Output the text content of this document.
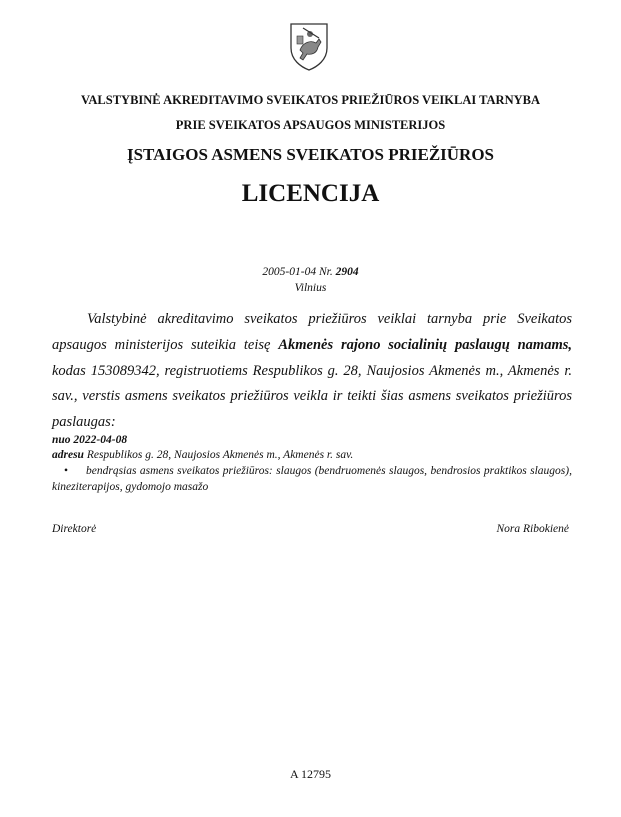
VALSTYBINĖ AKREDITAVIMO SVEIKATOS PRIEŽIŪROS VEIKLAI TARNYBA
PRIE SVEIKATOS APSAUGOS MINISTERIJOS
ĮSTAIGOS ASMENS SVEIKATOS PRIEŽIŪROS
LICENCIJA
2005-01-04 Nr. 2904
Vilnius
Valstybinė akreditavimo sveikatos priežiūros veiklai tarnyba prie Sveikatos apsaugos ministerijos suteikia teisę Akmenės rajono socialinių paslaugų namams, kodas 153089342, registruotiems Respublikos g. 28, Naujosios Akmenės m., Akmenės r. sav., verstis asmens sveikatos priežiūros veikla ir teikti šias asmens sveikatos priežiūros paslaugas:
nuo 2022-04-08
adresu Respublikos g. 28, Naujosios Akmenės m., Akmenės r. sav.
• bendrąsias asmens sveikatos priežiūros: slaugos (bendruomenės slaugos, bendrosios praktikos slaugos), kineziterapijos, gydomojo masažo
Direktorė	Nora Ribokienė
A 12795
